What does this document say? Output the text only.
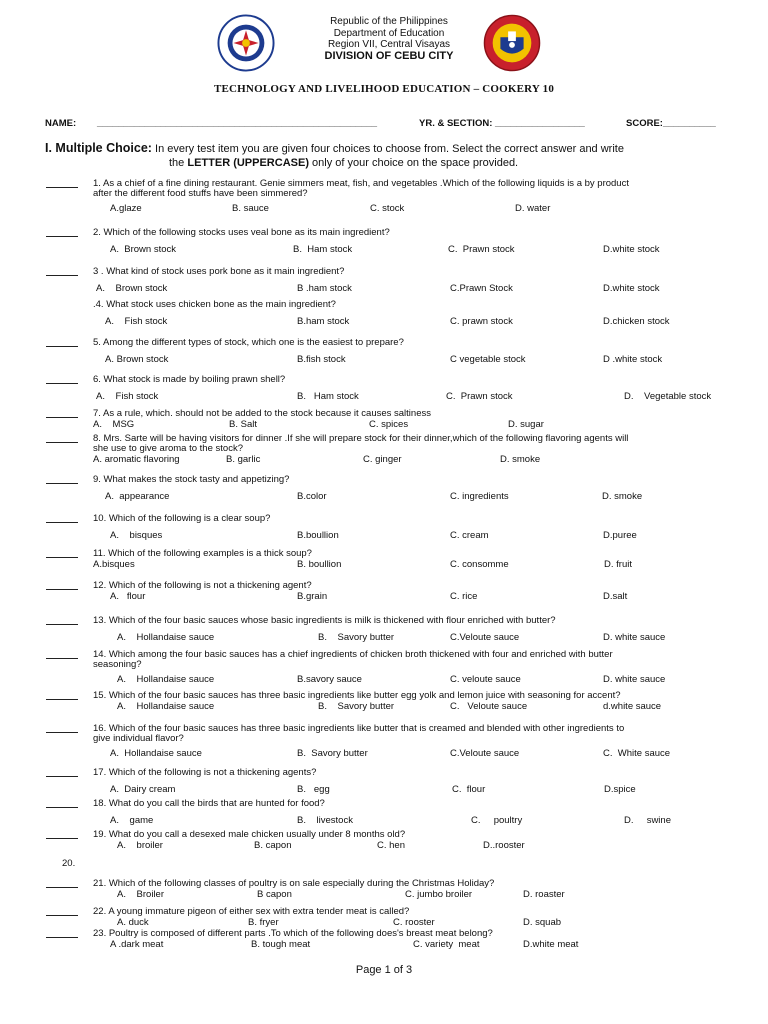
Republic of the Philippines
Department of Education
Region VII, Central Visayas
DIVISION OF CEBU CITY
TECHNOLOGY AND LIVELIHOOD EDUCATION – COOKERY 10
NAME: _____________________________________________________	YR. & SECTION: _________________	SCORE:__________
I. Multiple Choice: In every test item you are given four choices to choose from. Select the correct answer and write
the LETTER (UPPERCASE) only of your choice on the space provided.
1. As a chief of a fine dining restaurant. Genie simmers meat, fish, and vegetables .Which of the following liquids is a by product
after the different food stuffs have been simmered?
A.glaze	B. sauce	C. stock	D. water
2. Which of the following stocks uses veal bone as its main ingredient?
A.  Brown stock	B.  Ham stock	C.  Prawn stock	D.white stock
3 . What kind of stock uses pork bone as it main ingredient?
A.    Brown stock	B .ham stock	C.Prawn Stock	D.white stock
.4. What stock uses chicken bone as the main ingredient?
A.    Fish stock	B.ham stock	C. prawn stock	D.chicken stock
5. Among the different types of stock, which one is the easiest to prepare?
A. Brown stock	B.fish stock	C vegetable stock	D .white stock
6. What stock is made by boiling prawn shell?
A.    Fish stock	B.   Ham stock	C.  Prawn stock	D.    Vegetable stock
7. As a rule, which. should not be added to the stock because it causes saltiness
A.    MSG	B. Salt	C. spices	D. sugar
8. Mrs. Sarte will be having visitors for dinner .If she will prepare stock for their dinner,which of the following flavoring agents will
she use to give aroma to the stock?
A. aromatic flavoring	B. garlic	C. ginger	D. smoke
9. What makes the stock tasty and appetizing?
A.  appearance	B.color	C. ingredients	D. smoke
10. Which of the following is a clear soup?
A.    bisques	B.boullion	C. cream	D.puree
11. Which of the following examples is a thick soup?
A.bisques	B. boullion	C. consomme	D. fruit
12. Which of the following is not a thickening agent?
A.   flour	B.grain	C. rice	D.salt
13. Which of the four basic sauces whose basic ingredients is milk is thickened with flour enriched with butter?
A.    Hollandaise sauce	B.    Savory butter	C.Veloute sauce	D. white sauce
14. Which among the four basic sauces has a chief ingredients of chicken broth thickened with four and enriched with butter
seasoning?
A.    Hollandaise sauce	B.savory sauce	C. veloute sauce	D. white sauce
15. Which of the four basic sauces has three basic ingredients like butter egg yolk and lemon juice with seasoning for accent?
A.    Hollandaise sauce	B.    Savory butter	C.   Veloute sauce	d.white sauce
16. Which of the four basic sauces has three basic ingredients like butter that is creamed and blended with other ingredients to
give individual flavor?
A.  Hollandaise sauce	B.  Savory butter	C.Veloute sauce	C.  White sauce
17. Which of the following is not a thickening agents?
A.  Dairy cream	B.   egg	C.  flour	D.spice
18. What do you call the birds that are hunted for food?
A.    game	B.    livestock	C.     poultry	D.     swine
19. What do you call a desexed male chicken usually under 8 months old?
A.    broiler	B. capon	C. hen	D..rooster
20.
21. Which of the following classes of poultry is on sale especially during the Christmas Holiday?
A.    Broiler	B capon	C. jumbo broiler	D. roaster
22. A young immature pigeon of either sex with extra tender meat is called?
A. duck	B. fryer	C. rooster	D. squab
23. Poultry is composed of different parts .To which of the following does's breast meat belong?
A .dark meat	B. tough meat	C. variety  meat	D.white meat
Page 1 of 3
